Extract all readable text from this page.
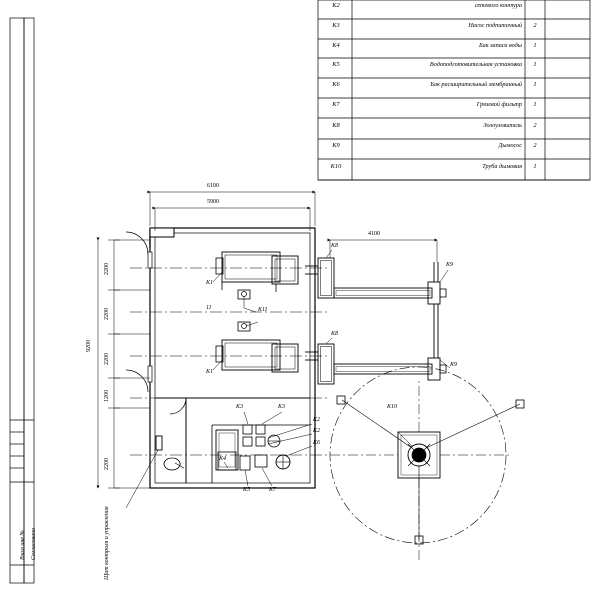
K2	сетевого контура
K3	Насос подпиточный	2
K4	Бак запаса воды	1
K5	Водоподготовительная установка	1
K6	Бак расширительный мембранный	1
K7	Грязевой фильтр	1
K8	Золоуловитель	2
K9	Дымосос	2
K10	Труба дымовая	1
6100
5900
4100
9200
2200
2200
2200
1200
2200
K1
K1
K11
11
K8
K8
K9
K9
K10
K3	K3
K2
K2
K6
K4
K5	K7
Щит контроля и управления
Взам инв № Согласовано
